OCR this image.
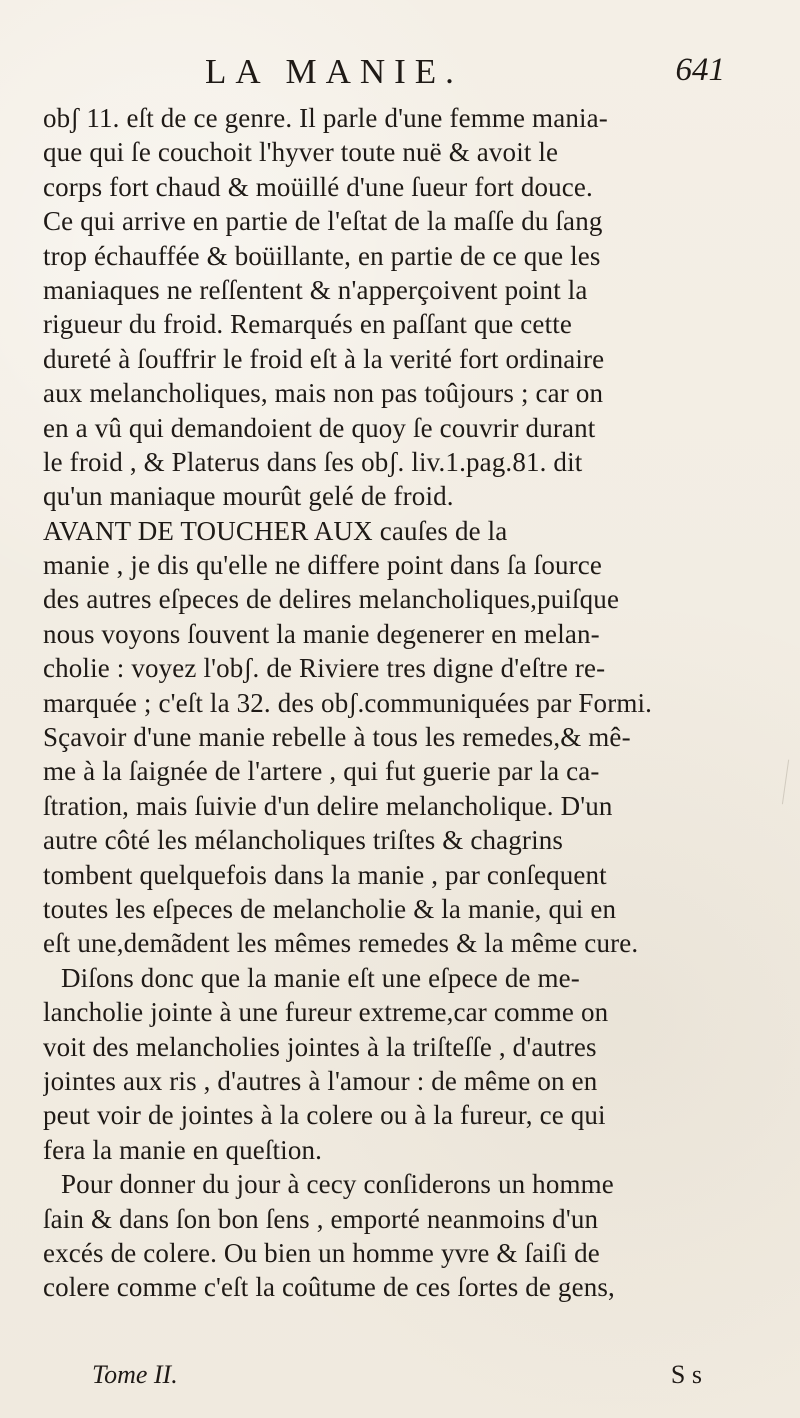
LA MANIE.	641
obʃ 11. eſt de ce genre. Il parle d'une femme mania-
que qui ſe couchoit l'hyver toute nuë & avoit le
corps fort chaud & moüillé d'une ſueur fort douce.
Ce qui arrive en partie de l'eſtat de la maſſe du ſang
trop échauffée & boüillante, en partie de ce que les
maniaques ne reſſentent & n'apperçoivent point la
rigueur du froid. Remarqués en paſſant que cette
dureté à ſouffrir le froid eſt à la verité fort ordinaire
aux melancholiques, mais non pas toûjours ; car on
en a vû qui demandoient de quoy ſe couvrir durant
le froid , & Platerus dans ſes obʃ. liv.1.pag.81. dit
qu'un maniaque mourût gelé de froid.
AVANT DE TOUCHER AUX cauſes de la
manie , je dis qu'elle ne differe point dans ſa ſource
des autres eſpeces de delires melancholiques,puiſque
nous voyons ſouvent la manie degenerer en melan-
cholie : voyez l'obʃ. de Riviere tres digne d'eſtre re-
marquée ; c'eſt la 32. des obʃ.communiquées par Formi.
Sçavoir d'une manie rebelle à tous les remedes,& mê-
me à la ſaignée de l'artere , qui fut guerie par la ca-
ſtration, mais ſuivie d'un delire melancholique. D'un
autre côté les mélancholiques triſtes & chagrins
tombent quelquefois dans la manie , par conſequent
toutes les eſpeces de melancholie & la manie, qui en
eſt une,demãdent les mêmes remedes & la même cure.
Diſons donc que la manie eſt une eſpece de me-
lancholie jointe à une fureur extreme,car comme on
voit des melancholies jointes à la triſteſſe , d'autres
jointes aux ris , d'autres à l'amour : de même on en
peut voir de jointes à la colere ou à la fureur, ce qui
fera la manie en queſtion.
Pour donner du jour à cecy conſiderons un homme
ſain & dans ſon bon ſens , emporté neanmoins d'un
excés de colere. Ou bien un homme yvre & ſaiſi de
colere comme c'eſt la coûtume de ces ſortes de gens,
Tome II.	S s
